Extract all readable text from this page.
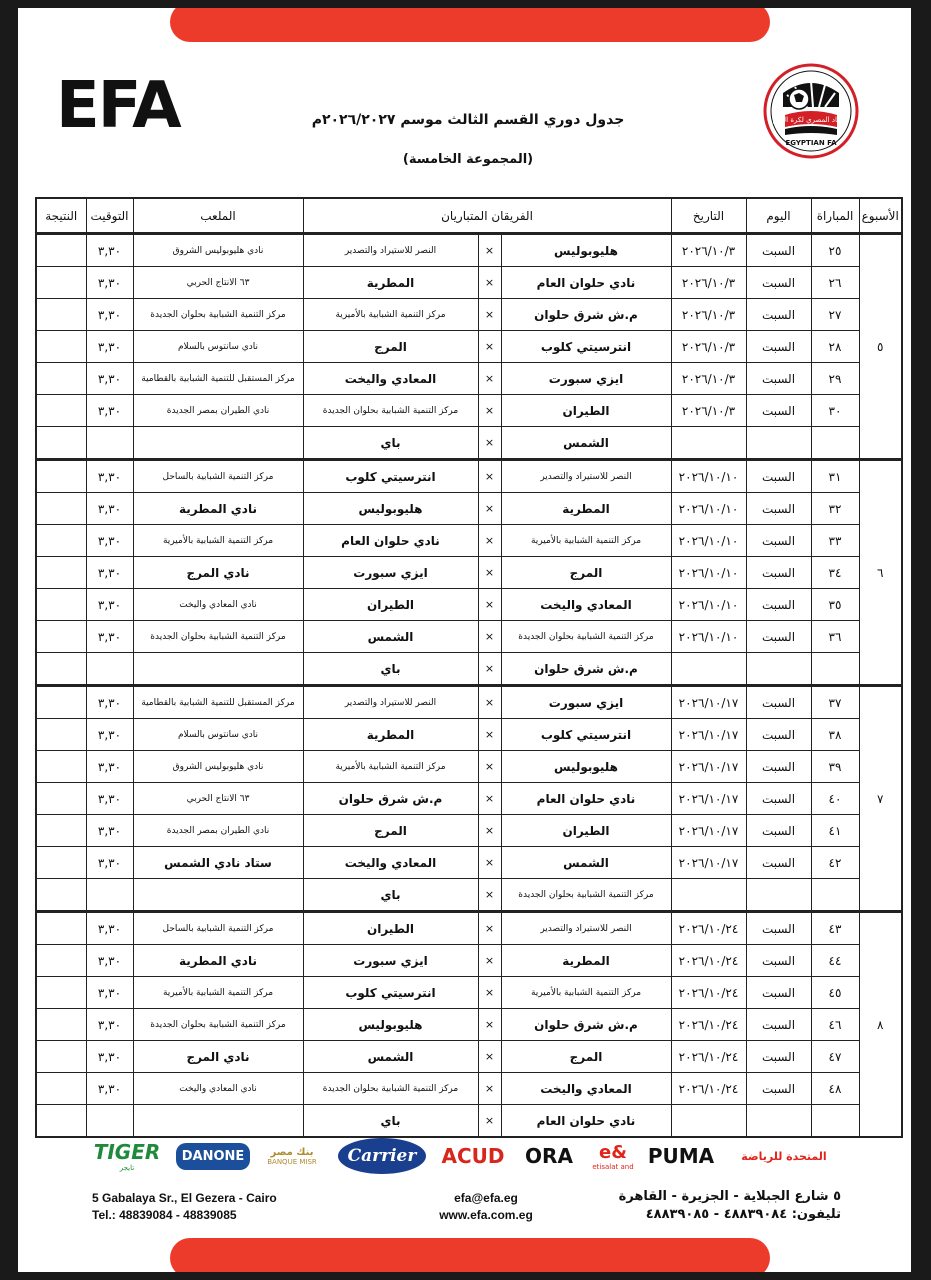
EFA	الاتحاد المصري لكرة القدم
EGYPTIAN FA
جدول دوري القسم الثالث موسم ٢٠٢٦/٢٠٢٧م
(المجموعة الخامسة)
الأسبوع	المباراة	اليوم	التاريخ	الفريقان المتباريان			الملعب	التوقيت	النتيجة
٥	٢٥	السبت	٢٠٢٦/١٠/٣	هليوبوليس	×	النصر للاستيراد والتصدير	نادي هليوبوليس الشروق	٣,٣٠	
	٢٦	السبت	٢٠٢٦/١٠/٣	نادي حلوان العام	×	المطرية	٦٣ الانتاج الحربي	٣,٣٠	
	٢٧	السبت	٢٠٢٦/١٠/٣	م.ش شرق حلوان	×	مركز التنمية الشبابية بالأميرية	مركز التنمية الشبابية بحلوان الجديدة	٣,٣٠	
	٢٨	السبت	٢٠٢٦/١٠/٣	انترسيتي كلوب	×	المرج	نادي سانتوس بالسلام	٣,٣٠	
	٢٩	السبت	٢٠٢٦/١٠/٣	ايزي سبورت	×	المعادي واليخت	مركز المستقبل للتنمية الشبابية بالقطامية	٣,٣٠	
	٣٠	السبت	٢٠٢٦/١٠/٣	الطيران	×	مركز التنمية الشبابية بحلوان الجديدة	نادي الطيران بمصر الجديدة	٣,٣٠	
				الشمس	×	باي			
٦	٣١	السبت	٢٠٢٦/١٠/١٠	النصر للاستيراد والتصدير	×	انترسيتي كلوب	مركز التنمية الشبابية بالساحل	٣,٣٠	
	٣٢	السبت	٢٠٢٦/١٠/١٠	المطرية	×	هليوبوليس	نادي المطرية	٣,٣٠	
	٣٣	السبت	٢٠٢٦/١٠/١٠	مركز التنمية الشبابية بالأميرية	×	نادي حلوان العام	مركز التنمية الشبابية بالأميرية	٣,٣٠	
	٣٤	السبت	٢٠٢٦/١٠/١٠	المرج	×	ايزي سبورت	نادي المرج	٣,٣٠	
	٣٥	السبت	٢٠٢٦/١٠/١٠	المعادي واليخت	×	الطيران	نادي المعادي واليخت	٣,٣٠	
	٣٦	السبت	٢٠٢٦/١٠/١٠	مركز التنمية الشبابية بحلوان الجديدة	×	الشمس	مركز التنمية الشبابية بحلوان الجديدة	٣,٣٠	
				م.ش شرق حلوان	×	باي			
٧	٣٧	السبت	٢٠٢٦/١٠/١٧	ايزي سبورت	×	النصر للاستيراد والتصدير	مركز المستقبل للتنمية الشبابية بالقطامية	٣,٣٠	
	٣٨	السبت	٢٠٢٦/١٠/١٧	انترسيتي كلوب	×	المطرية	نادي سانتوس بالسلام	٣,٣٠	
	٣٩	السبت	٢٠٢٦/١٠/١٧	هليوبوليس	×	مركز التنمية الشبابية بالأميرية	نادي هليوبوليس الشروق	٣,٣٠	
	٤٠	السبت	٢٠٢٦/١٠/١٧	نادي حلوان العام	×	م.ش شرق حلوان	٦٣ الانتاج الحربي	٣,٣٠	
	٤١	السبت	٢٠٢٦/١٠/١٧	الطيران	×	المرج	نادي الطيران بمصر الجديدة	٣,٣٠	
	٤٢	السبت	٢٠٢٦/١٠/١٧	الشمس	×	المعادي واليخت	ستاد نادي الشمس	٣,٣٠	
				مركز التنمية الشبابية بحلوان الجديدة	×	باي			
٨	٤٣	السبت	٢٠٢٦/١٠/٢٤	النصر للاستيراد والتصدير	×	الطيران	مركز التنمية الشبابية بالساحل	٣,٣٠	
	٤٤	السبت	٢٠٢٦/١٠/٢٤	المطرية	×	ايزي سبورت	نادي المطرية	٣,٣٠	
	٤٥	السبت	٢٠٢٦/١٠/٢٤	مركز التنمية الشبابية بالأميرية	×	انترسيتي كلوب	مركز التنمية الشبابية بالأميرية	٣,٣٠	
	٤٦	السبت	٢٠٢٦/١٠/٢٤	م.ش شرق حلوان	×	هليوبوليس	مركز التنمية الشبابية بحلوان الجديدة	٣,٣٠	
	٤٧	السبت	٢٠٢٦/١٠/٢٤	المرج	×	الشمس	نادي المرج	٣,٣٠	
	٤٨	السبت	٢٠٢٦/١٠/٢٤	المعادي واليخت	×	مركز التنمية الشبابية بحلوان الجديدة	نادي المعادي واليخت	٣,٣٠	
				نادي حلوان العام	×	باي			
TIGER
تايجر
DANONE	بنك مصر
BANQUE MISR	Carrier	ACUD ORA e&
etisalat and PUMA المتحدة للرياضة
5 Gabalaya Sr., El Gezera - Cairo
Tel.: 48839084 - 48839085
efa@efa.eg
www.efa.com.eg
٥ شارع الجبلاية - الجزيرة - القاهرة
تليفون: ٤٨٨٣٩٠٨٤ - ٤٨٨٣٩٠٨٥
